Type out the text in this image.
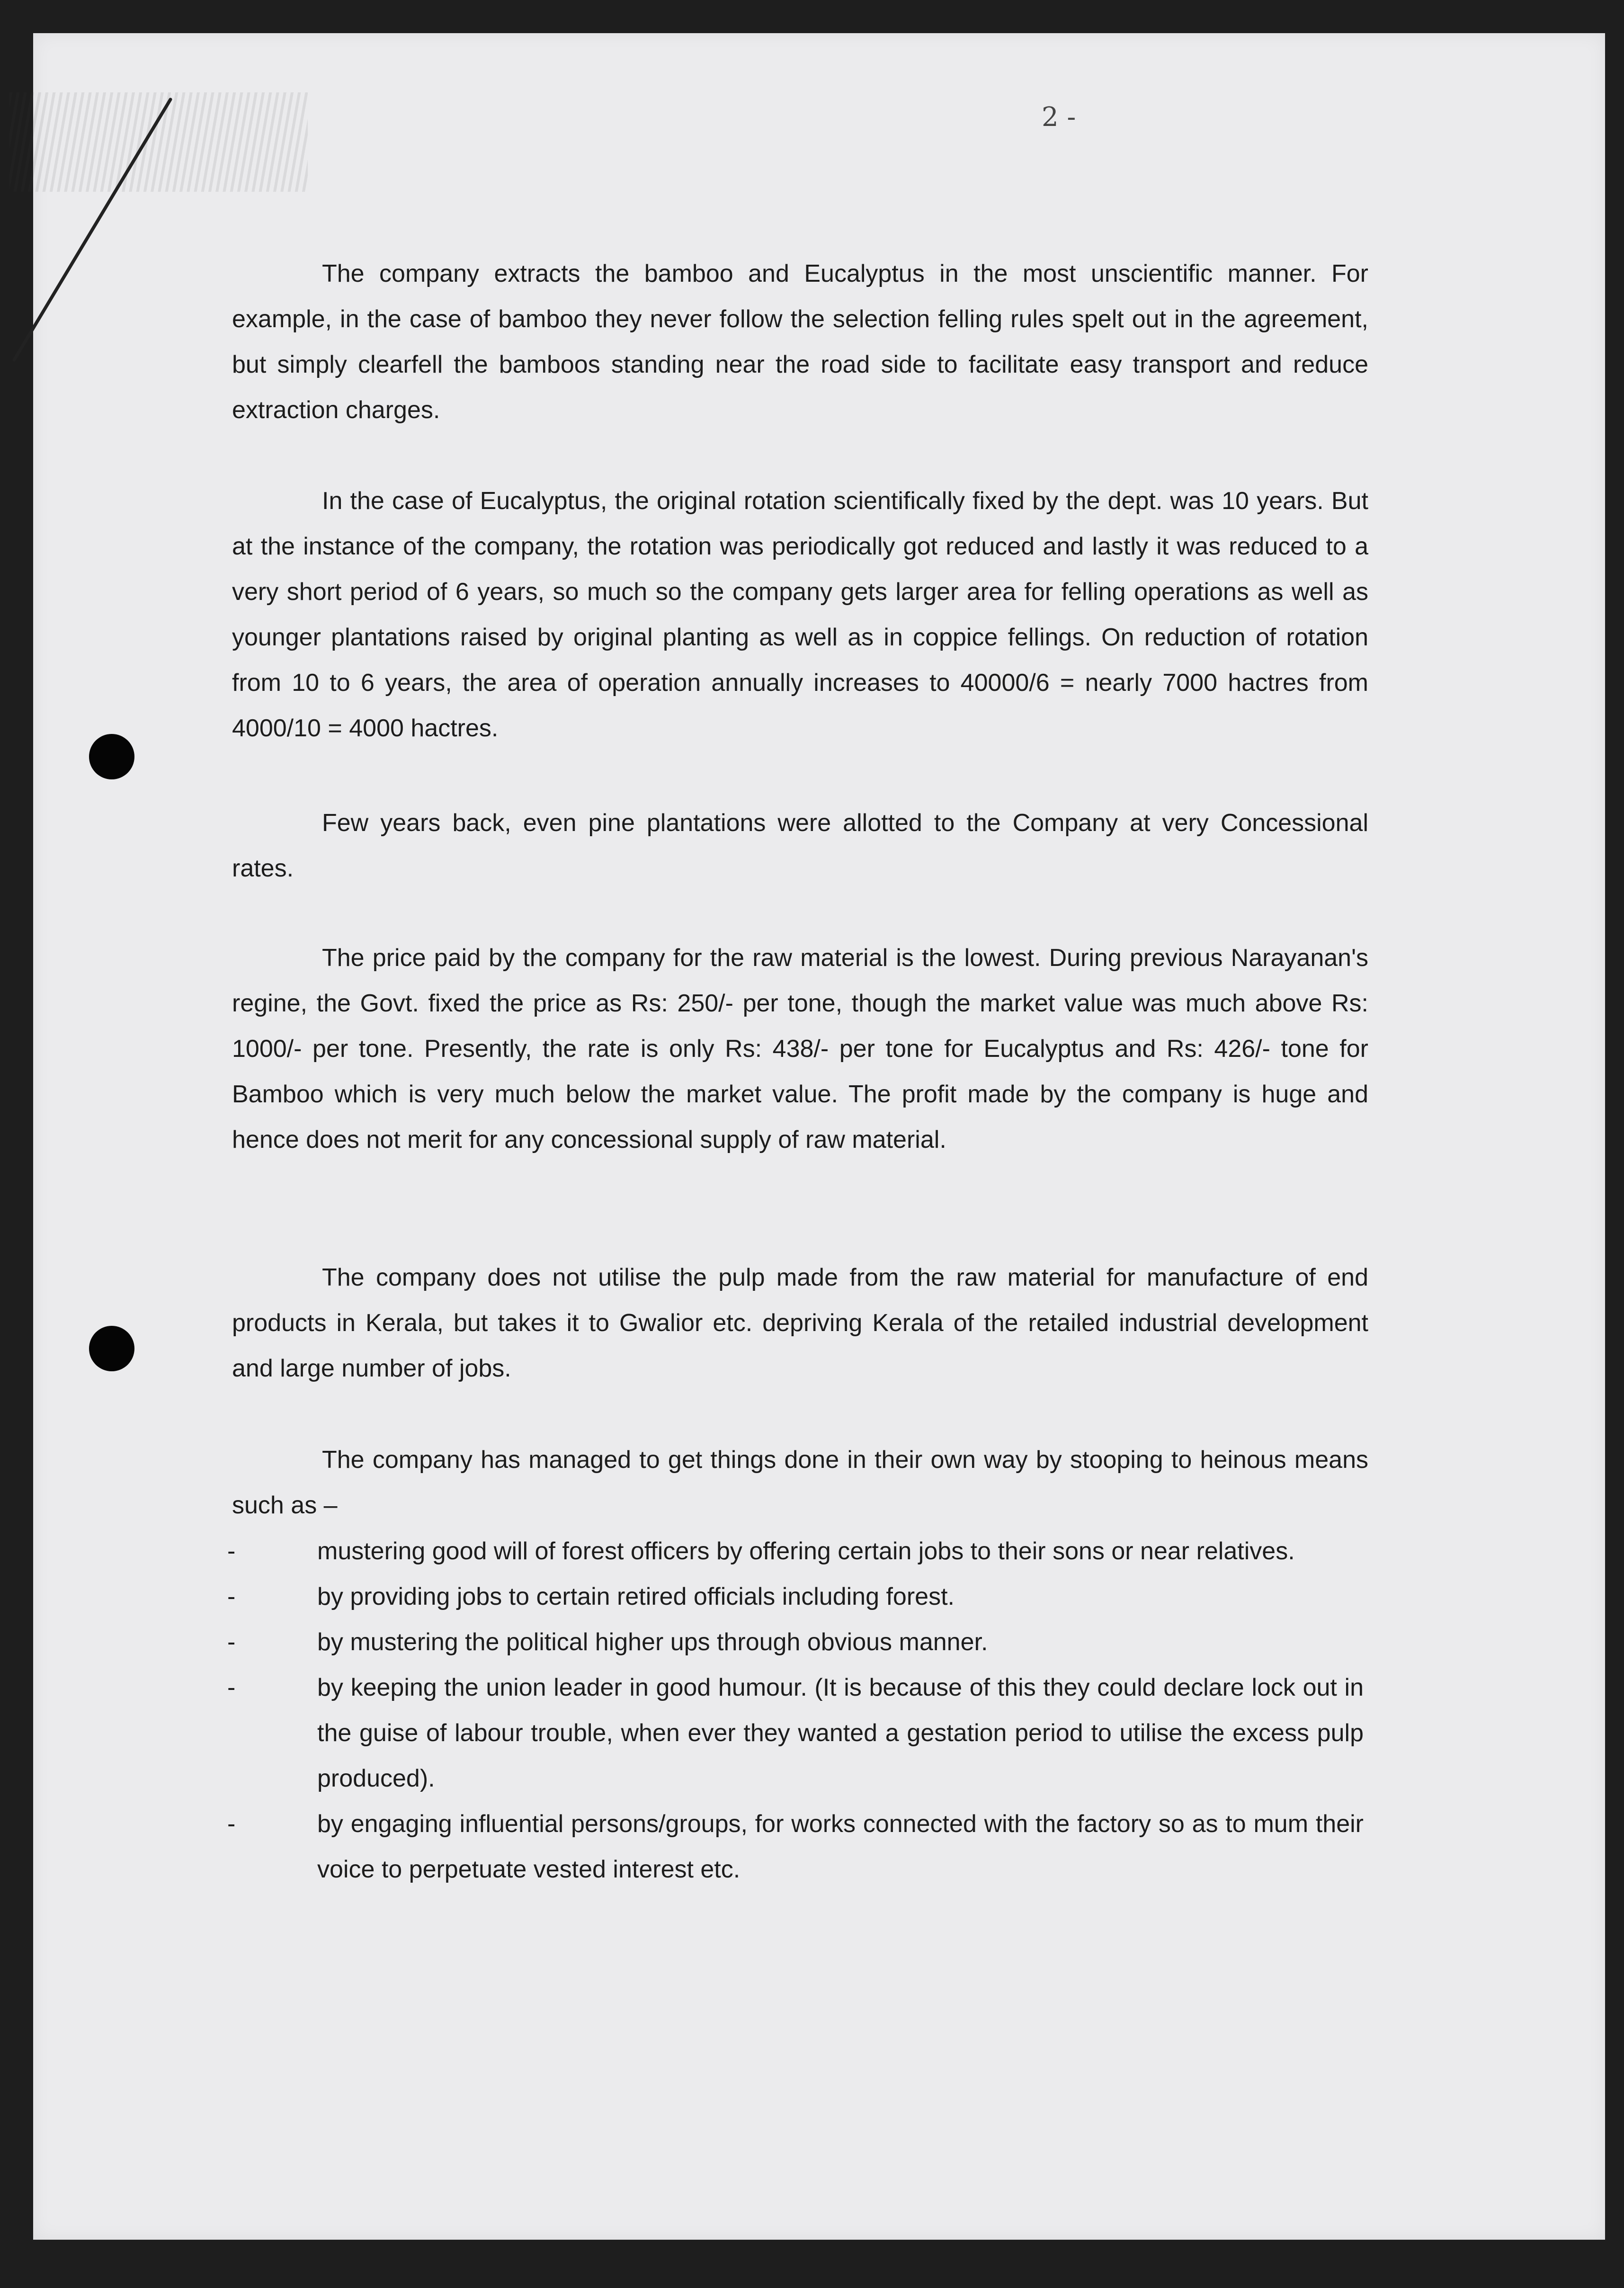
2 -

The company extracts the bamboo and Eucalyptus in the most unscientific manner. For example, in the case of bamboo they never follow the selection felling rules spelt out in the agreement, but simply clearfell the bamboos standing near the road side to facilitate easy transport and reduce extraction charges.

In the case of Eucalyptus, the original rotation scientifically fixed by the dept. was 10 years. But at the instance of the company, the rotation was periodically got reduced and lastly it was reduced to a very short period of 6 years, so much so the company gets larger area for felling operations as well as younger plantations raised by original planting as well as in coppice fellings. On reduction of rotation from 10 to 6 years, the area of operation annually increases to 40000/6 = nearly 7000 hactres from 4000/10 = 4000 hactres.

Few years back, even pine plantations were allotted to the Company at very Concessional rates.

The price paid by the company for the raw material is the lowest. During previous Narayanan's regine, the Govt. fixed the price as Rs: 250/- per tone, though the market value was much above Rs: 1000/- per tone. Presently, the rate is only Rs: 438/- per tone for Eucalyptus and Rs: 426/- tone for Bamboo which is very much below the market value. The profit made by the company is huge and hence does not merit for any concessional supply of raw material.

The company does not utilise the pulp made from the raw material for manufacture of end products in Kerala, but takes it to Gwalior etc. depriving Kerala of the retailed industrial development and large number of jobs.

The company has managed to get things done in their own way by stooping to heinous means such as –

-	mustering good will of forest officers by offering certain jobs to their sons or near relatives.
-	by providing jobs to certain retired officials including forest.
-	by mustering the political higher ups through obvious manner.
-	by keeping the union leader in good humour. (It is because of this they could declare lock out in the guise of labour trouble, when ever they wanted a gestation period to utilise the excess pulp produced).
-	by engaging influential persons/groups, for works connected with the factory so as to mum their voice to perpetuate vested interest etc.
